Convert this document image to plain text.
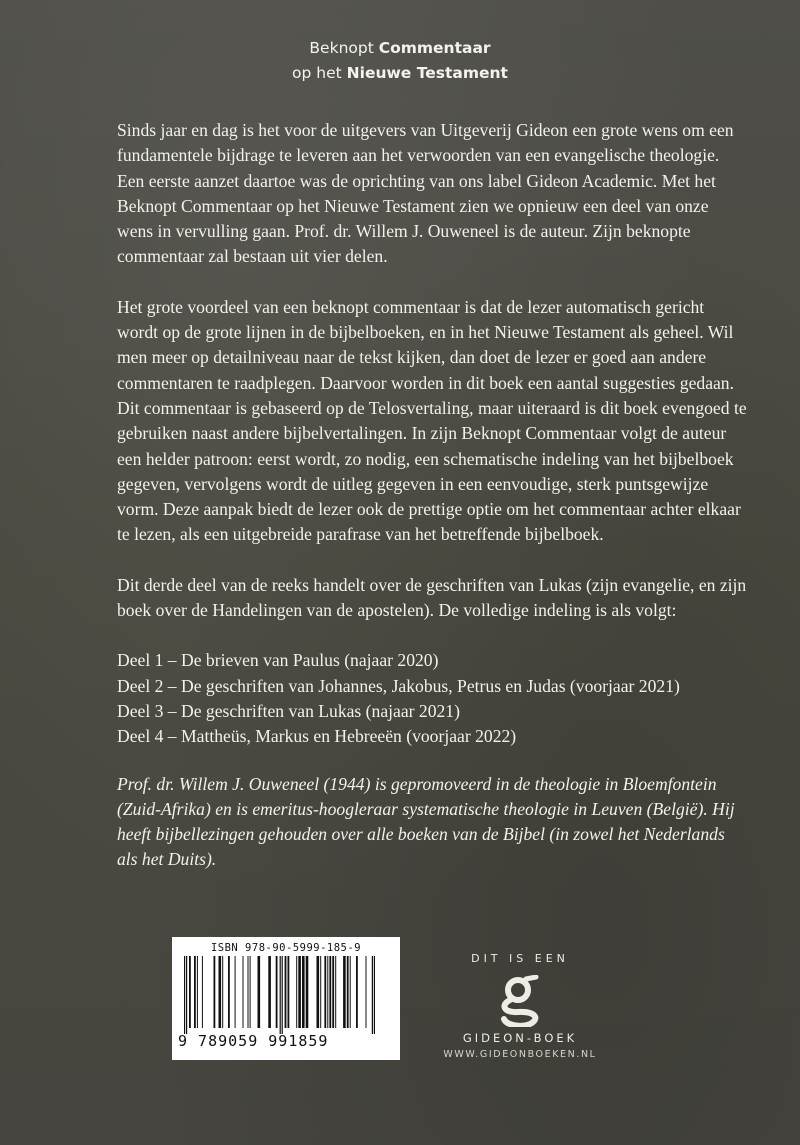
Beknopt Commentaar
op het Nieuwe Testament

Sinds jaar en dag is het voor de uitgevers van Uitgeverij Gideon een grote wens om een fundamentele bijdrage te leveren aan het verwoorden van een evangelische theologie. Een eerste aanzet daartoe was de oprichting van ons label Gideon Academic. Met het Beknopt Commentaar op het Nieuwe Testament zien we opnieuw een deel van onze wens in vervulling gaan. Prof. dr. Willem J. Ouweneel is de auteur. Zijn beknopte commentaar zal bestaan uit vier delen.

Het grote voordeel van een beknopt commentaar is dat de lezer automatisch gericht wordt op de grote lijnen in de bijbelboeken, en in het Nieuwe Testament als geheel. Wil men meer op detailniveau naar de tekst kijken, dan doet de lezer er goed aan andere commentaren te raadplegen. Daarvoor worden in dit boek een aantal suggesties gedaan. Dit commentaar is gebaseerd op de Telosvertaling, maar uiteraard is dit boek evengoed te gebruiken naast andere bijbelvertalingen. In zijn Beknopt Commentaar volgt de auteur een helder patroon: eerst wordt, zo nodig, een schematische indeling van het bijbelboek gegeven, vervolgens wordt de uitleg gegeven in een eenvoudige, sterk puntsgewijze vorm. Deze aanpak biedt de lezer ook de prettige optie om het commentaar achter elkaar te lezen, als een uitgebreide parafrase van het betreffende bijbelboek.

Dit derde deel van de reeks handelt over de geschriften van Lukas (zijn evangelie, en zijn boek over de Handelingen van de apostelen). De volledige indeling is als volgt:

Deel 1 – De brieven van Paulus (najaar 2020)
Deel 2 – De geschriften van Johannes, Jakobus, Petrus en Judas (voorjaar 2021)
Deel 3 – De geschriften van Lukas (najaar 2021)
Deel 4 – Mattheüs, Markus en Hebreeën (voorjaar 2022)

Prof. dr. Willem J. Ouweneel (1944) is gepromoveerd in de theologie in Bloemfontein (Zuid-Afrika) en is emeritus-hoogleraar systematische theologie in Leuven (België). Hij heeft bijbellezingen gehouden over alle boeken van de Bijbel (in zowel het Nederlands als het Duits).

ISBN 978-90-5999-185-9
9 789059 991859
DIT IS EEN
GIDEON-BOEK
WWW.GIDEONBOEKEN.NL
